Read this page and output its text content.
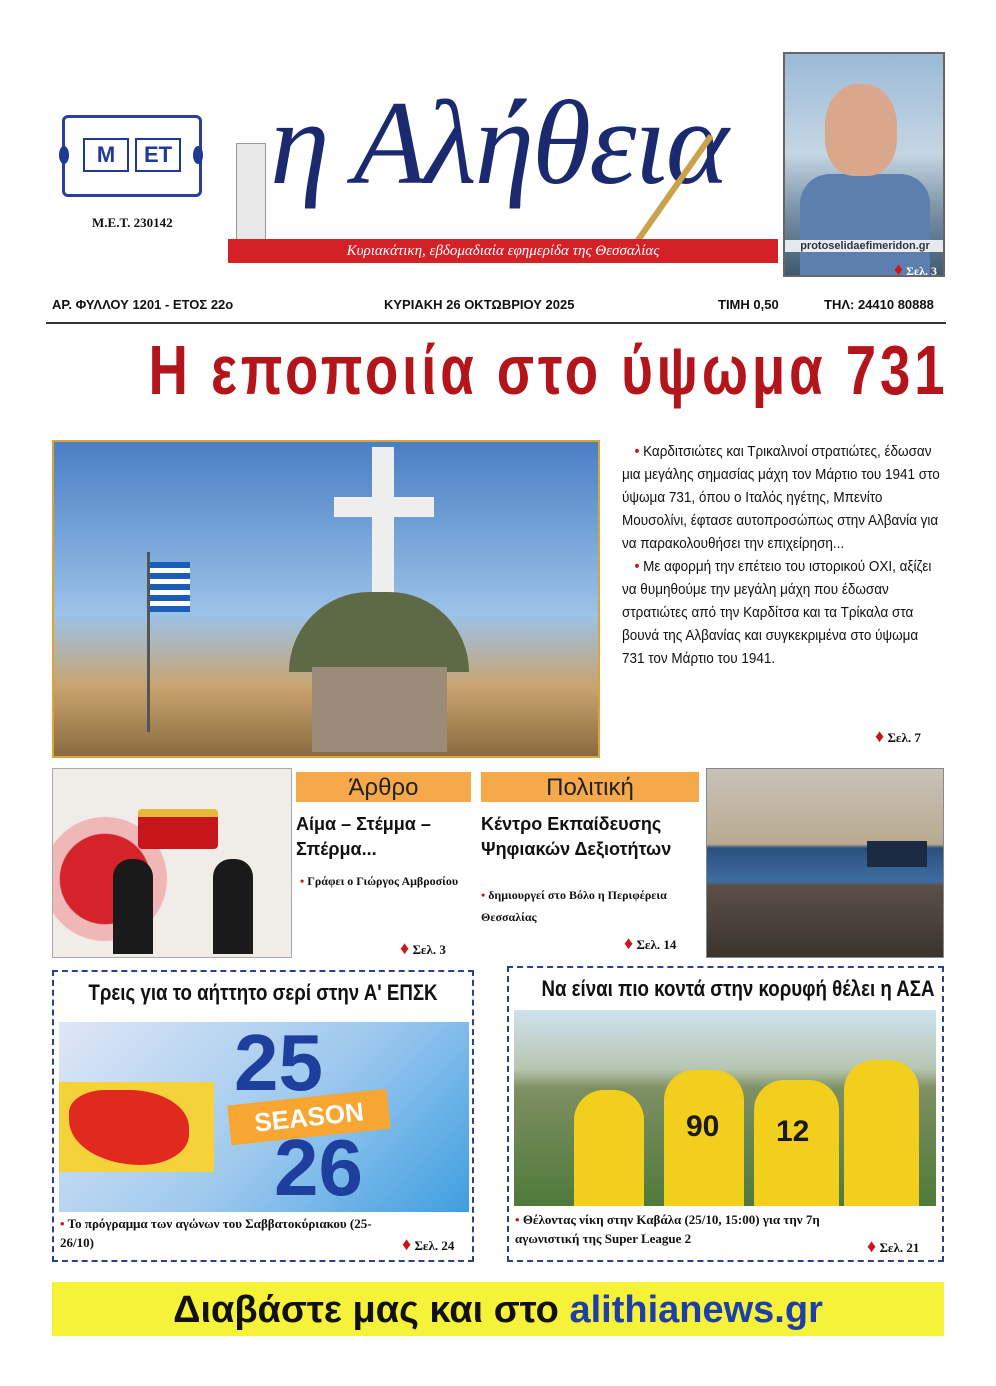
Μ	ΕΤ
Μ.Ε.Τ. 230142
η Αλήθεια
Κυριακάτικη, εβδομαδιαία εφημερίδα της Θεσσαλίας	protoselidaefimeridon.gr
♦ Σελ. 3
ΑΡ. ΦΥΛΛΟΥ 1201 - ΕΤΟΣ 22ο	ΚΥΡΙΑΚΗ 26 ΟΚΤΩΒΡΙΟΥ 2025	ΤΙΜΗ 0,50	ΤΗΛ: 24410 80888
Η εποποιία στο ύψωμα 731

• Καρδιτσιώτες και Τρικαλινοί στρατιώτες, έδωσαν μια μεγάλης σημασίας μάχη τον Μάρτιο του 1941 στο ύψωμα 731, όπου ο Ιταλός ηγέτης, Μπενίτο Μουσολίνι, έφτασε αυτοπροσώπως στην Αλβανία για να παρακολουθήσει την επιχείρηση...

• Με αφορμή την επέτειο του ιστορικού ΟΧΙ, αξίζει να θυμηθούμε την μεγάλη μάχη που έδωσαν στρατιώτες από την Καρδίτσα και τα Τρίκαλα στα βουνά της Αλβανίας και συγκεκριμένα στο ύψωμα 731 τον Μάρτιο του 1941.

♦ Σελ. 7
Άρθρο
Αίμα – Στέμμα – Σπέρμα...
• Γράφει ο Γιώργος Αμβροσίου
♦ Σελ. 3
Πολιτική
Κέντρο Εκπαίδευσης Ψηφιακών Δεξιοτήτων
• δημιουργεί στο Βόλο η Περιφέρεια Θεσσαλίας
♦ Σελ. 14
Τρεις για το αήττητο σερί στην Α' ΕΠΣΚ
25
SEASON
26
• Το πρόγραμμα των αγώνων του Σαββατοκύριακου (25-26/10)	♦ Σελ. 24
Να είναι πιο κοντά στην κορυφή θέλει η ΑΣΑ
90 12
• Θέλοντας νίκη στην Καβάλα (25/10, 15:00) για την 7η αγωνιστική της Super League 2	♦ Σελ. 21
Διαβάστε μας και στο alithianews.gr
